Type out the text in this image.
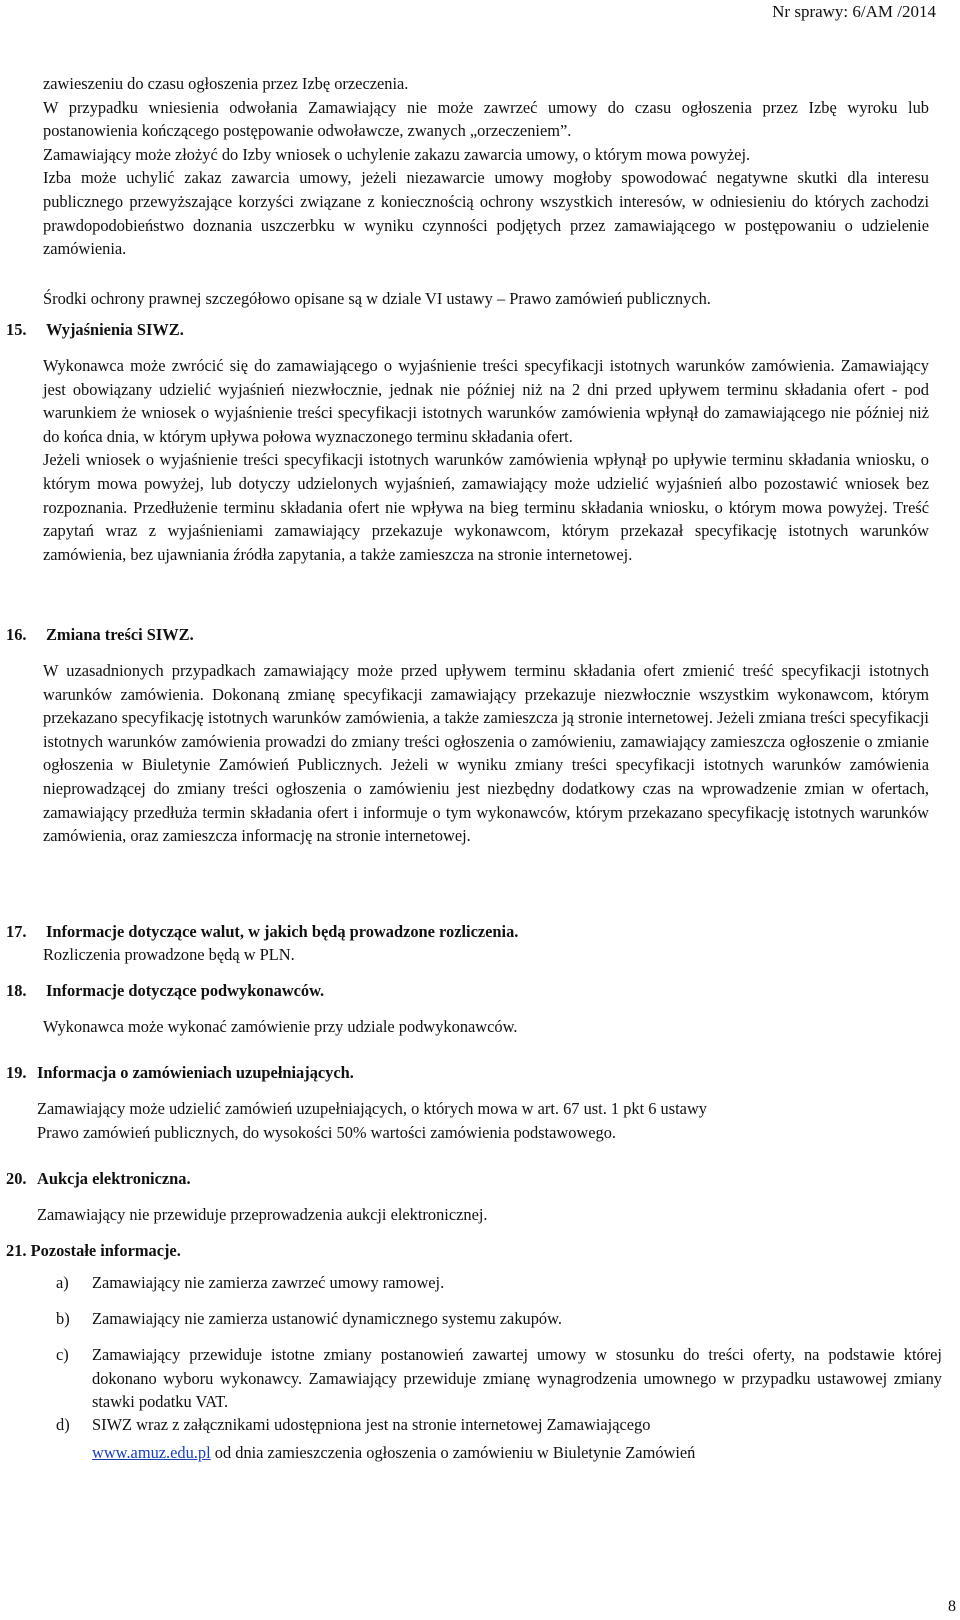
Nr sprawy: 6/AM /2014

zawieszeniu do czasu ogłoszenia przez Izbę orzeczenia.

W przypadku wniesienia odwołania Zamawiający nie może zawrzeć umowy do czasu ogłoszenia przez Izbę wyroku lub postanowienia kończącego postępowanie odwoławcze, zwanych „orzeczeniem”.

Zamawiający może złożyć do Izby wniosek o uchylenie zakazu zawarcia umowy, o którym mowa powyżej.

Izba może uchylić zakaz zawarcia umowy, jeżeli niezawarcie umowy mogłoby spowodować negatywne skutki dla interesu publicznego przewyższające korzyści związane z koniecznością ochrony wszystkich interesów, w odniesieniu do których zachodzi prawdopodobieństwo doznania uszczerbku w wyniku czynności podjętych przez zamawiającego w postępowaniu o udzielenie zamówienia.

Środki ochrony prawnej szczegółowo opisane są w dziale VI ustawy – Prawo zamówień publicznych.
15. Wyjaśnienia SIWZ.

Wykonawca może zwrócić się do zamawiającego o wyjaśnienie treści specyfikacji istotnych warunków zamówienia. Zamawiający jest obowiązany udzielić wyjaśnień niezwłocznie, jednak nie później niż na 2 dni przed upływem terminu składania ofert - pod warunkiem że wniosek o wyjaśnienie treści specyfikacji istotnych warunków zamówienia wpłynął do zamawiającego nie później niż do końca dnia, w którym upływa połowa wyznaczonego terminu składania ofert.

Jeżeli wniosek o wyjaśnienie treści specyfikacji istotnych warunków zamówienia wpłynął po upływie terminu składania wniosku, o którym mowa powyżej, lub dotyczy udzielonych wyjaśnień, zamawiający może udzielić wyjaśnień albo pozostawić wniosek bez rozpoznania. Przedłużenie terminu składania ofert nie wpływa na bieg terminu składania wniosku, o którym mowa powyżej. Treść zapytań wraz z wyjaśnieniami zamawiający przekazuje wykonawcom, którym przekazał specyfikację istotnych warunków zamówienia, bez ujawniania źródła zapytania, a także zamieszcza na stronie internetowej.

16. Zmiana treści SIWZ.

W uzasadnionych przypadkach zamawiający może przed upływem terminu składania ofert zmienić treść specyfikacji istotnych warunków zamówienia. Dokonaną zmianę specyfikacji zamawiający przekazuje niezwłocznie wszystkim wykonawcom, którym przekazano specyfikację istotnych warunków zamówienia, a także zamieszcza ją stronie internetowej. Jeżeli zmiana treści specyfikacji istotnych warunków zamówienia prowadzi do zmiany treści ogłoszenia o zamówieniu, zamawiający zamieszcza ogłoszenie o zmianie ogłoszenia w Biuletynie Zamówień Publicznych. Jeżeli w wyniku zmiany treści specyfikacji istotnych warunków zamówienia nieprowadzącej do zmiany treści ogłoszenia o zamówieniu jest niezbędny dodatkowy czas na wprowadzenie zmian w ofertach, zamawiający przedłuża termin składania ofert i informuje o tym wykonawców, którym przekazano specyfikację istotnych warunków zamówienia, oraz zamieszcza informację na stronie internetowej.

17. Informacje dotyczące walut, w jakich będą prowadzone rozliczenia.
Rozliczenia prowadzone będą w PLN.
18. Informacje dotyczące podwykonawców.
Wykonawca może wykonać zamówienie przy udziale podwykonawców.
19. Informacja o zamówieniach uzupełniających.
Zamawiający może udzielić zamówień uzupełniających, o których mowa w art. 67 ust. 1 pkt 6 ustawy
Prawo zamówień publicznych, do wysokości 50% wartości zamówienia podstawowego.
20. Aukcja elektroniczna.
Zamawiający nie przewiduje przeprowadzenia aukcji elektronicznej.
21. Pozostałe informacje.
a) Zamawiający nie zamierza zawrzeć umowy ramowej.
b) Zamawiający nie zamierza ustanowić dynamicznego systemu zakupów.
c) Zamawiający przewiduje istotne zmiany postanowień zawartej umowy w stosunku do treści oferty, na podstawie której dokonano wyboru wykonawcy. Zamawiający przewiduje zmianę wynagrodzenia umownego w przypadku ustawowej zmiany stawki podatku VAT.
d) SIWZ wraz z załącznikami udostępniona jest na stronie internetowej Zamawiającego
www.amuz.edu.pl od dnia zamieszczenia ogłoszenia o zamówieniu w Biuletynie Zamówień
8
